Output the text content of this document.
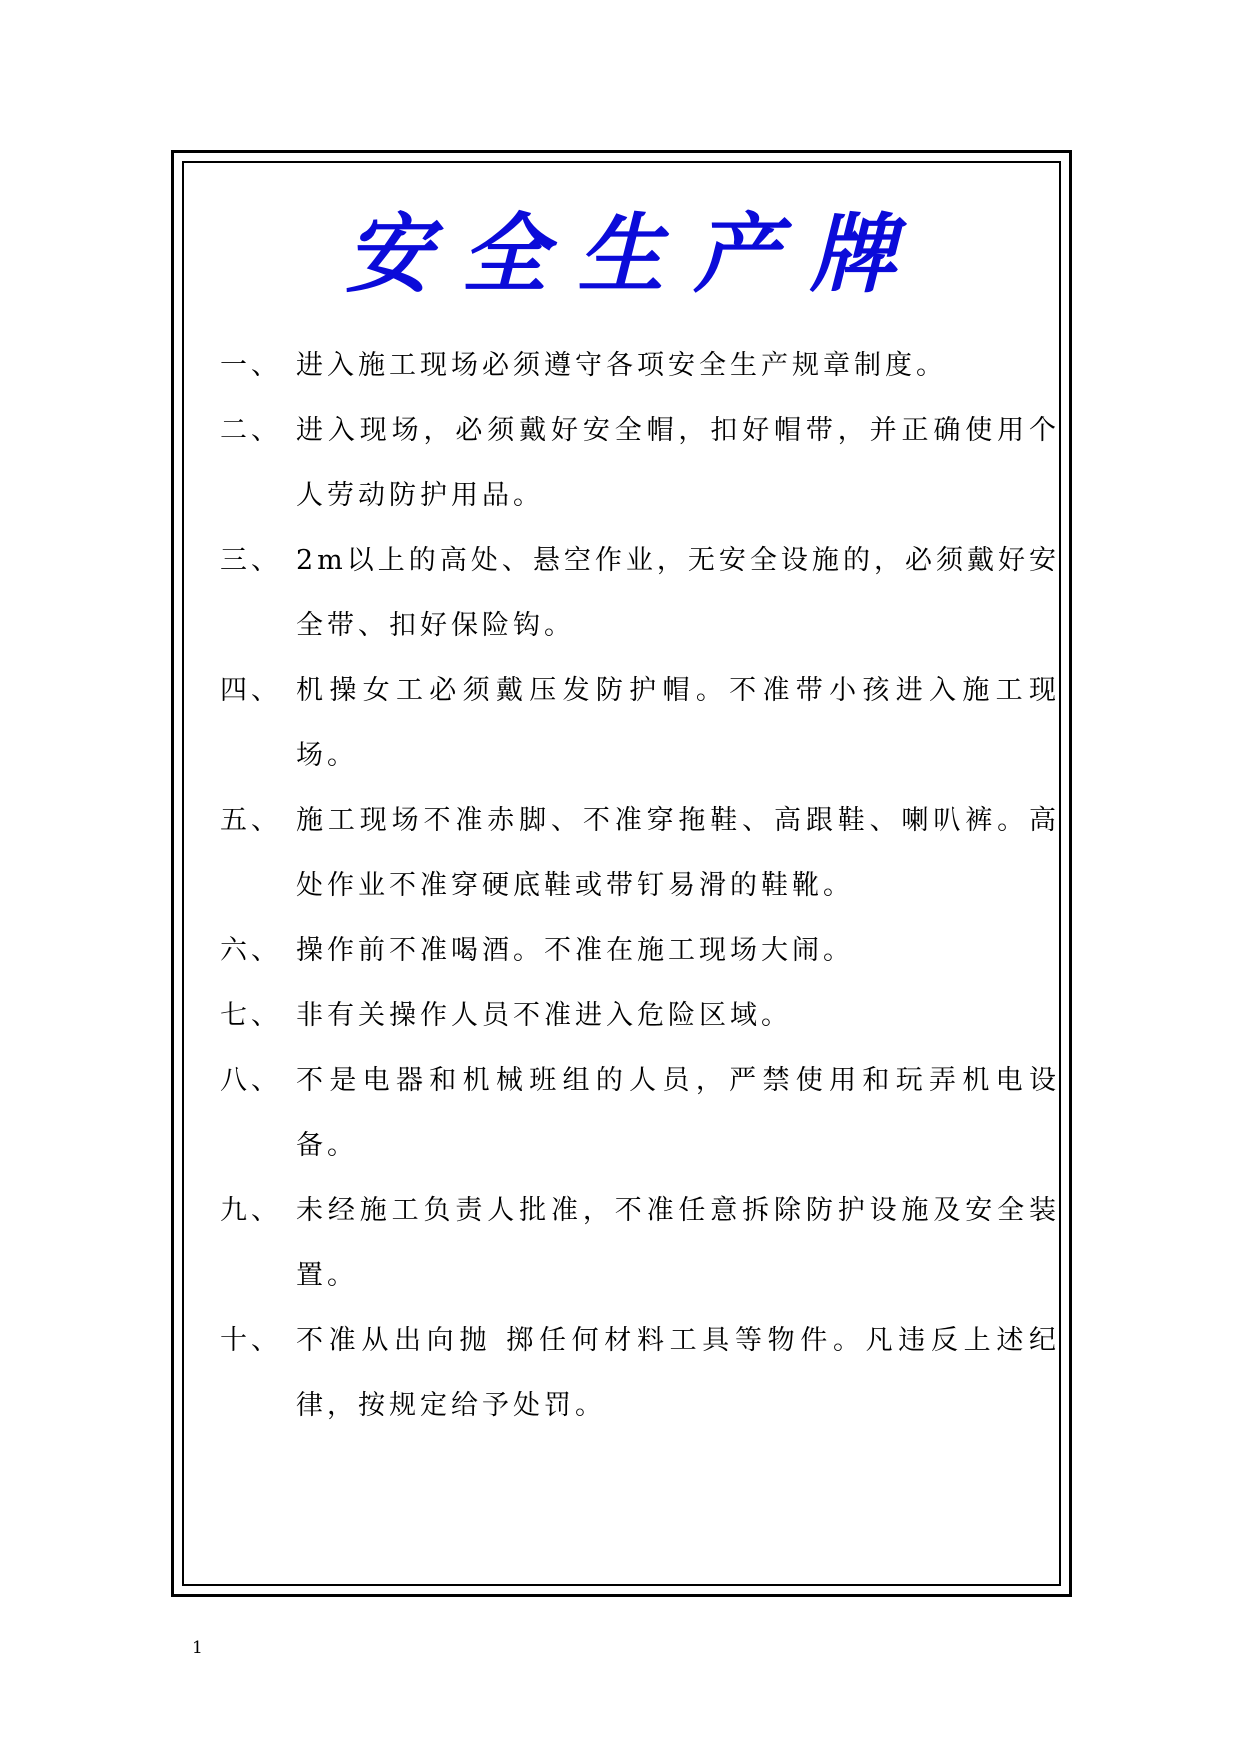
安全生产牌
一、 进入施工现场必须遵守各项安全生产规章制度。
二、 进入现场，必须戴好安全帽，扣好帽带，并正确使用个人劳动防护用品。
三、 2m以上的高处、悬空作业，无安全设施的，必须戴好安全带、扣好保险钩。
四、 机操女工必须戴压发防护帽。不准带小孩进入施工现场。
五、 施工现场不准赤脚、不准穿拖鞋、高跟鞋、喇叭裤。高处作业不准穿硬底鞋或带钉易滑的鞋靴。
六、 操作前不准喝酒。不准在施工现场大闹。
七、 非有关操作人员不准进入危险区域。
八、 不是电器和机械班组的人员，严禁使用和玩弄机电设备。
九、 未经施工负责人批准，不准任意拆除防护设施及安全装置。
十、 不准从出向抛 掷任何材料工具等物件。凡违反上述纪律，按规定给予处罚。
1
